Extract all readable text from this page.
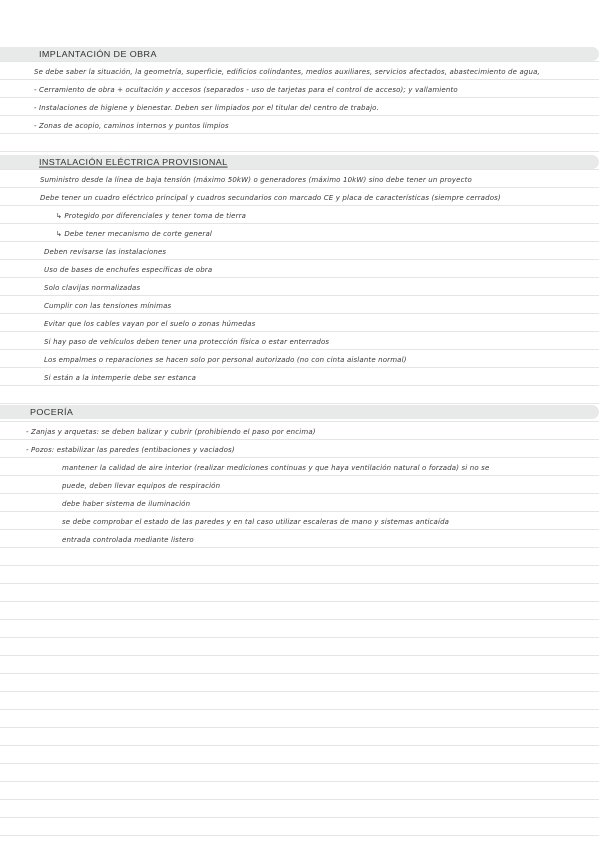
IMPLANTACIÓN DE OBRA
Se debe saber la situación, la geometría, superficie, edificios colindantes, medios auxiliares, servicios afectados, abastecimiento de agua,
- Cerramiento de obra + ocultación y accesos (separados - uso de tarjetas para el control de acceso); y vallamiento
- Instalaciones de higiene y bienestar. Deben ser limpiados por el titular del centro de trabajo.
- Zonas de acopio, caminos internos y puntos limpios
INSTALACIÓN ELÉCTRICA PROVISIONAL
Suministro desde la línea de baja tensión (máximo 50kW) o generadores (máximo 10kW) sino debe tener un proyecto
Debe tener un cuadro eléctrico principal y cuadros secundarios con marcado CE y placa de características (siempre cerrados)
↳ Protegido por diferenciales y tener toma de tierra
↳ Debe tener mecanismo de corte general
Deben revisarse las instalaciones
Uso de bases de enchufes específicas de obra
Solo clavijas normalizadas
Cumplir con las tensiones mínimas
Evitar que los cables vayan por el suelo o zonas húmedas
Si hay paso de vehículos deben tener una protección física o estar enterrados
Los empalmes o reparaciones se hacen solo por personal autorizado (no con cinta aislante normal)
Si están a la intemperie debe ser estanca
POCERÍA
- Zanjas y arquetas: se deben balizar y cubrir (prohibiendo el paso por encima)
- Pozos: estabilizar las paredes (entibaciones y vaciados)
mantener la calidad de aire interior (realizar mediciones continuas y que haya ventilación natural o forzada) si no se
puede, deben llevar equipos de respiración
debe haber sistema de iluminación
se debe comprobar el estado de las paredes y en tal caso utilizar escaleras de mano y sistemas anticaída
entrada controlada mediante listero
